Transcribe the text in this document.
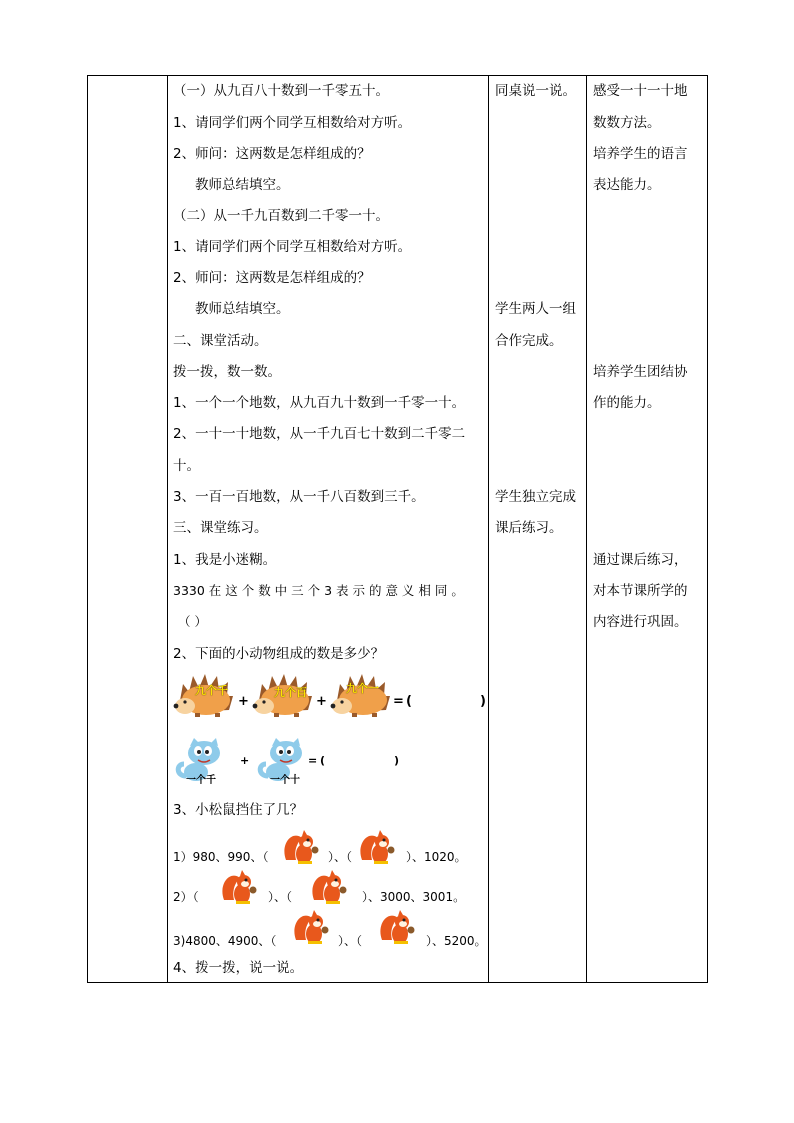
（一）从九百八十数到一千零五十。
1、请同学们两个同学互相数给对方听。
2、师问：这两数是怎样组成的？
教师总结填空。
（二）从一千九百数到二千零一十。
1、请同学们两个同学互相数给对方听。
2、师问：这两数是怎样组成的？
教师总结填空。
二、课堂活动。
拨一拨，数一数。
1、一个一个地数，从九百九十数到一千零一十。
2、一十一十地数，从一千九百七十数到二千零二
十。
3、一百一百地数，从一千八百数到三千。
三、课堂练习。
1、我是小迷糊。
3330 在 这 个 数 中 三 个 3 表 示 的 意 义 相 同 。
（ ）
2、下面的小动物组成的数是多少？
九个千
+
九个百
+
九个一
= (	)
一个千
+
一个十
= (	)
3、小松鼠挡住了几？
1）980、990、（	）、（	）、1020。
2）（	）、（	）、3000、3001。
3)4800、4900、（	）、（	）、5200。
4、拨一拨，说一说。

同桌说一说。
学生两人一组
合作完成。
学生独立完成
课后练习。

感受一十一十地
数数方法。
培养学生的语言
表达能力。
培养学生团结协
作的能力。
通过课后练习，
对本节课所学的
内容进行巩固。
